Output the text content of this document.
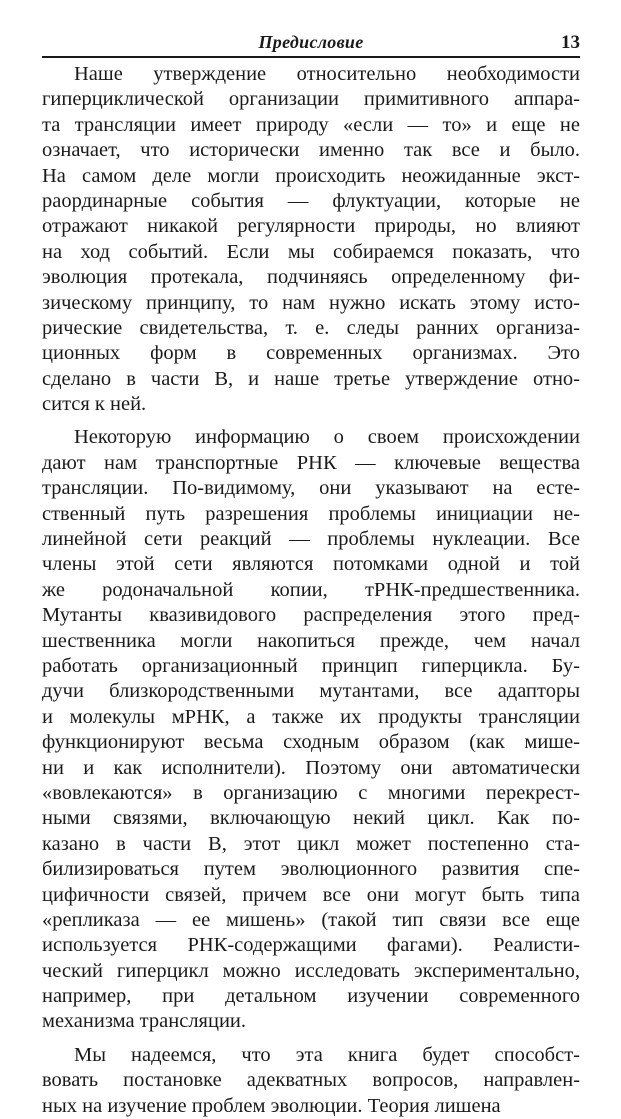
Предисловие	13
Наше утверждение относительно необходимости
гиперциклической организации примитивного аппара-
та трансляции имеет природу «если — то» и еще не
означает, что исторически именно так все и было.
На самом деле могли происходить неожиданные экст-
раординарные события — флуктуации, которые не
отражают никакой регулярности природы, но влияют
на ход событий. Если мы собираемся показать, что
эволюция протекала, подчиняясь определенному фи-
зическому принципу, то нам нужно искать этому исто-
рические свидетельства, т. е. следы ранних организа-
ционных форм в современных организмах. Это
сделано в части B, и наше третье утверждение отно-
сится к ней.
Некоторую информацию о своем происхождении
дают нам транспортные РНК — ключевые вещества
трансляции. По-видимому, они указывают на есте-
ственный путь разрешения проблемы инициации не-
линейной сети реакций — проблемы нуклеации. Все
члены этой сети являются потомками одной и той
же родоначальной копии, тРНК-предшественника.
Мутанты квазивидового распределения этого пред-
шественника могли накопиться прежде, чем начал
работать организационный принцип гиперцикла. Бу-
дучи близкородственными мутантами, все адапторы
и молекулы мРНК, а также их продукты трансляции
функционируют весьма сходным образом (как мише-
ни и как исполнители). Поэтому они автоматически
«вовлекаются» в организацию с многими перекрест-
ными связями, включающую некий цикл. Как по-
казано в части B, этот цикл может постепенно ста-
билизироваться путем эволюционного развития спе-
цифичности связей, причем все они могут быть типа
«репликаза — ее мишень» (такой тип связи все еще
используется РНК-содержащими фагами). Реалисти-
ческий гиперцикл можно исследовать экспериментально,
например, при детальном изучении современного
механизма трансляции.
Мы надеемся, что эта книга будет способст-
вовать постановке адекватных вопросов, направлен-
ных на изучение проблем эволюции. Теория лишена
